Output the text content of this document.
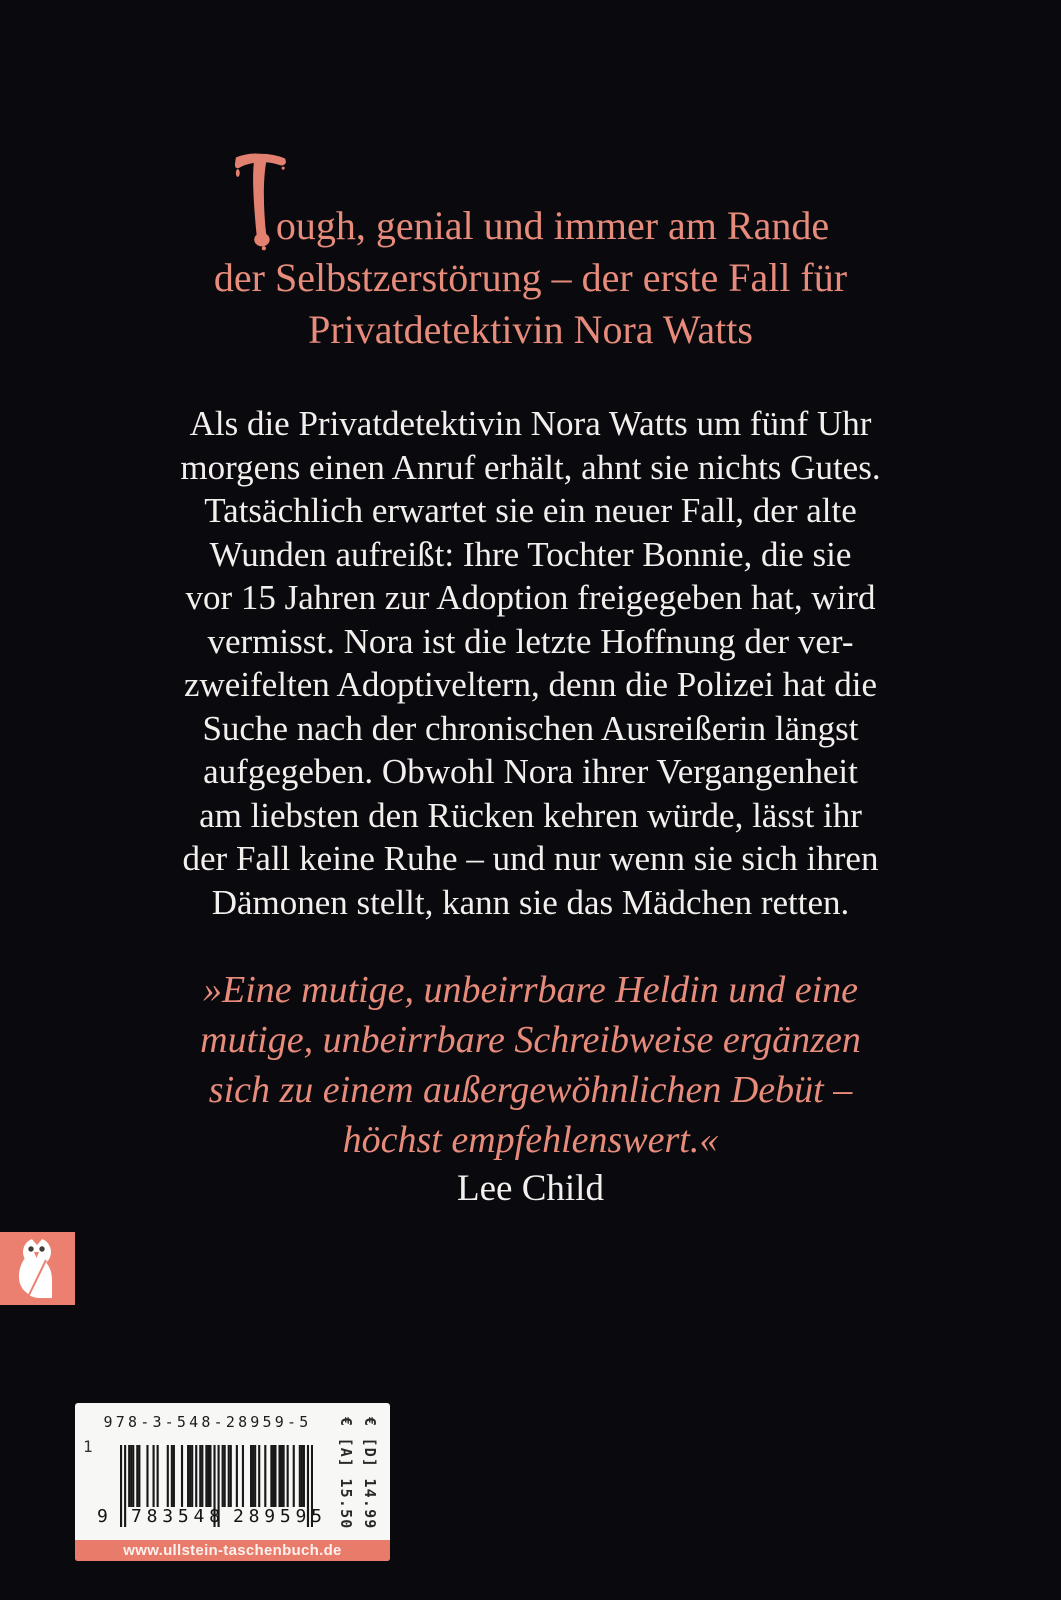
ough, genial und immer am Rande
der Selbstzerstörung – der erste Fall für
Privatdetektivin Nora Watts
Als die Privatdetektivin Nora Watts um fünf Uhr
morgens einen Anruf erhält, ahnt sie nichts Gutes.
Tatsächlich erwartet sie ein neuer Fall, der alte
Wunden aufreißt: Ihre Tochter Bonnie, die sie
vor 15 Jahren zur Adoption freigegeben hat, wird
vermisst. Nora ist die letzte Hoffnung der ver-
zweifelten Adoptiveltern, denn die Polizei hat die
Suche nach der chronischen Ausreißerin längst
aufgegeben. Obwohl Nora ihrer Vergangenheit
am liebsten den Rücken kehren würde, lässt ihr
der Fall keine Ruhe – und nur wenn sie sich ihren
Dämonen stellt, kann sie das Mädchen retten.
»Eine mutige, unbeirrbare Heldin und eine
mutige, unbeirrbare Schreibweise ergänzen
sich zu einem außergewöhnlichen Debüt –
höchst empfehlenswert.«
Lee Child
978-3-548-28959-5
1
9 783548 289595 € [A] 15.50 € [D] 14.99
www.ullstein-taschenbuch.de
